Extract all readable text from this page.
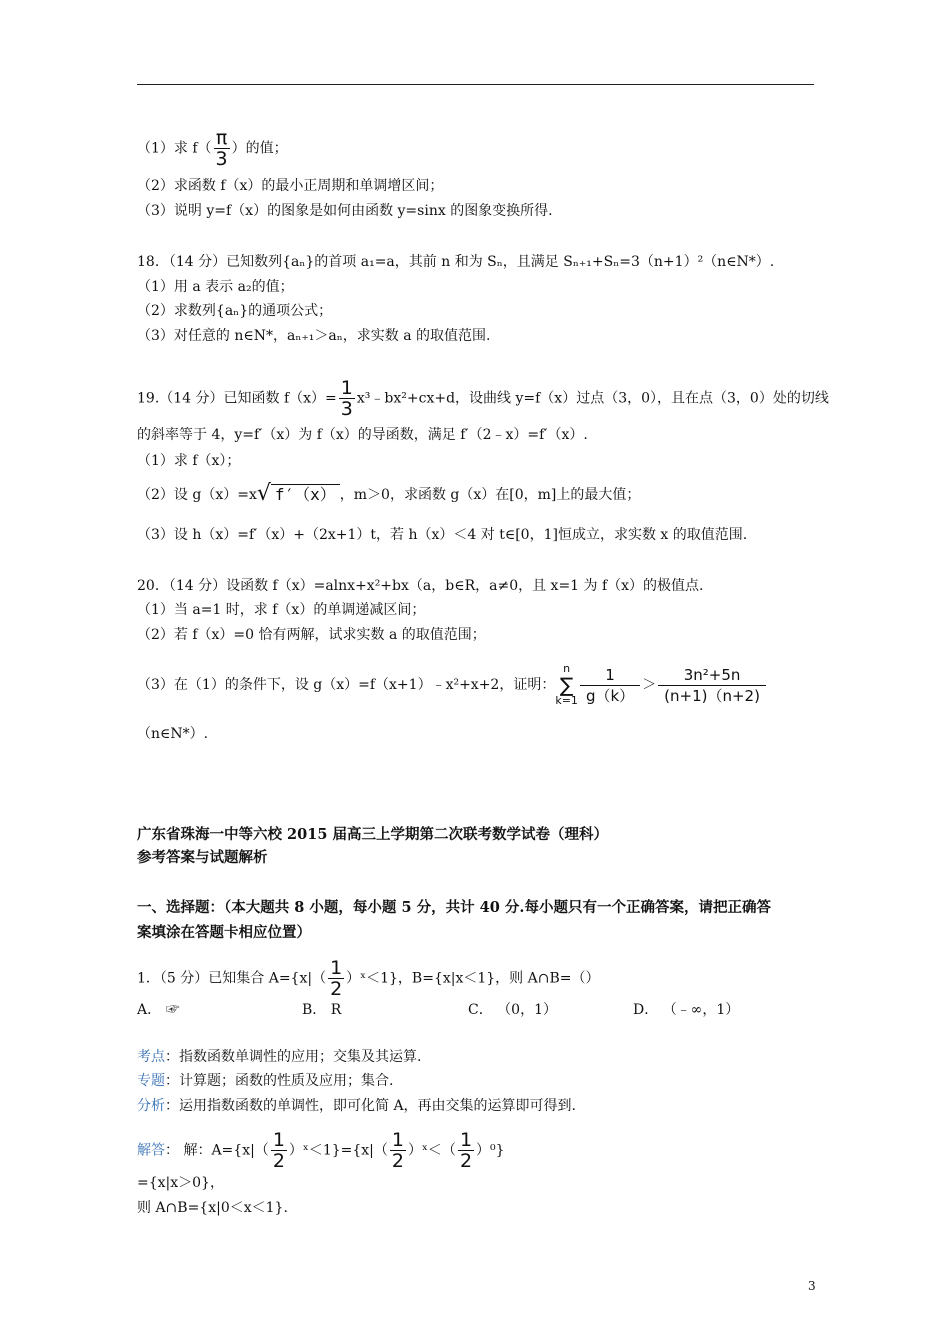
（1）求 $f( \frac{\pi}{3}$ ）的值；
（2）求函数 f（x）的最小正周期和单调增区间；
（3）说明 y=f（x）的图象是如何由函数 y=sinx 的图象变换所得.
18．（14 分）已知数列{aₙ}的首项 a₁=a，其前 n 和为 Sₙ，且满足 Sₙ₊₁+Sₙ=3（n+1）²（n∈N*）.
（1）用 a 表示 a₂的值；
（2）求数列{aₙ}的通项公式；
（3）对任意的 n∈N*，aₙ₊₁＞aₙ，求实数 a 的取值范围.
19.（14 分）已知函数 $f(x)= \frac{1}{3}$ x³﹣bx²+cx+d，设曲线 y=f（x）过点（3，0），且在点（3，0）处的切线
的斜率等于 4，y=f′（x）为 f（x）的导函数，满足 f′（2﹣x）=f′（x）.
（1）求 f（x）；
（2）设 g（x）=x√ f′（x） ，m＞0，求函数 g（x）在[0，m]上的最大值；
（3）设 h（x）=f′（x）+（2x+1）t，若 h（x）＜4 对 t∈[0，1]恒成立，求实数 x 的取值范围.
20．（14 分）设函数 f（x）=alnx+x²+bx（a，b∈R，a≠0，且 x=1 为 f（x）的极值点.
（1）当 a=1 时，求 f（x）的单调递减区间；
（2）若 f（x）=0 恰有两解，试求实数 a 的取值范围；
（3）在（1）的条件下，设 g（x）=f（x+1）﹣x²+x+2，证明：
n
∑
$k=1 \frac{1}{g(k)} > \frac{\text{3n²+5n}}{(n+1)(n+2)}$
（n∈N*）.
广东省珠海一中等六校 2015 届高三上学期第二次联考数学试卷（理科）
参考答案与试题解析
一、选择题：（本大题共 8 小题，每小题 5 分，共计 40 分.每小题只有一个正确答案，请把正确答
案填涂在答题卡相应位置）
1．（5 分）已知集合 $A=\{x|( \frac{1}{2}$ ）ˣ＜1}，B={x|x＜1}，则 A∩B=（）
A． ☞	B． R	C． （0，1）	D． （﹣∞，1）
考点：指数函数单调性的应用；交集及其运算.
专题：计算题；函数的性质及应用；集合.
分析：运用指数函数的单调性，即可化简 A，再由交集的运算即可得到.
解答： 解：$A=\{x|( \frac{1}{2}$ ）ˣ＜1}={x|（ $\frac{1}{2}$ ）ˣ＜（ $\frac{1}{2} )^0$}
={x|x＞0}，
则 A∩B={x|0＜x＜1}.
3
